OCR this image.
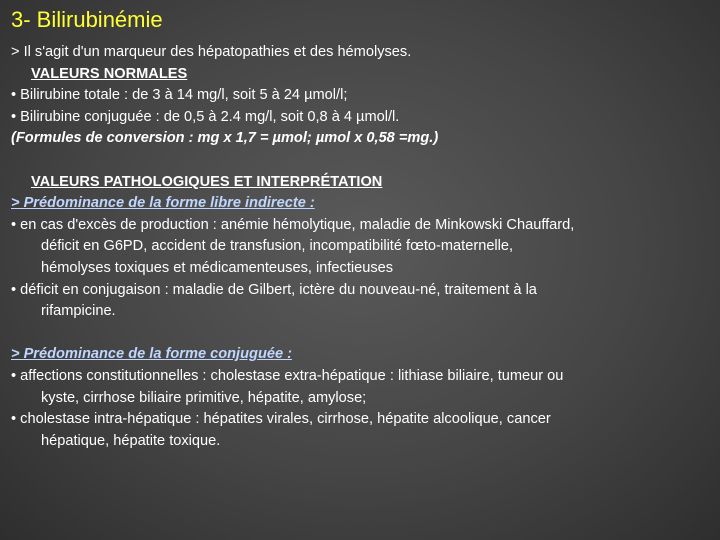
3- Bilirubinémie
> Il s'agit d'un marqueur des hépatopathies et des hémolyses.
VALEURS NORMALES
• Bilirubine totale : de 3 à 14 mg/l, soit 5 à 24 µmol/l;
• Bilirubine conjuguée : de 0,5 à 2.4 mg/l, soit 0,8 à 4 µmol/l.
(Formules de conversion : mg x 1,7 = µmol; µmol x 0,58 =mg.)
VALEURS PATHOLOGIQUES ET INTERPRÉTATION
> Prédominance de la forme libre indirecte :
• en cas d'excès de production : anémie hémolytique, maladie de Minkowski Chauffard,
déficit en G6PD, accident de transfusion, incompatibilité fœto-maternelle,
hémolyses toxiques et médicamenteuses, infectieuses
• déficit en conjugaison : maladie de Gilbert, ictère du nouveau-né, traitement à la
rifampicine.
> Prédominance de la forme conjuguée :
• affections constitutionnelles : cholestase extra-hépatique : lithiase biliaire, tumeur ou
kyste, cirrhose biliaire primitive, hépatite, amylose;
• cholestase intra-hépatique : hépatites virales, cirrhose, hépatite alcoolique, cancer
hépatique, hépatite toxique.
